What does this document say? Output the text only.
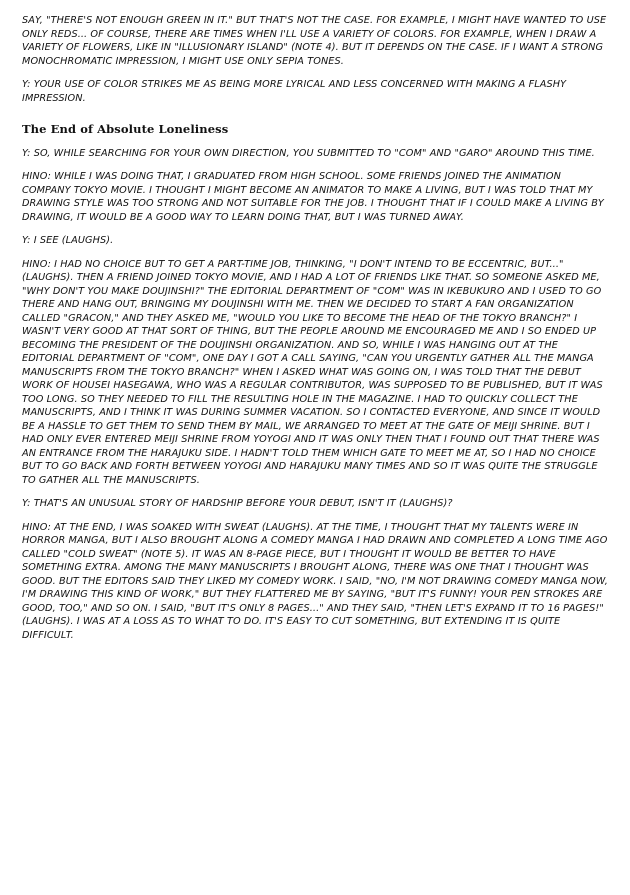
SAY, "THERE'S NOT ENOUGH GREEN IN IT." BUT THAT'S NOT THE CASE. FOR EXAMPLE, I MIGHT HAVE WANTED TO USE ONLY REDS... OF COURSE, THERE ARE TIMES WHEN I'LL USE A VARIETY OF COLORS. FOR EXAMPLE, WHEN I DRAW A VARIETY OF FLOWERS, LIKE IN "ILLUSIONARY ISLAND" (NOTE 4). BUT IT DEPENDS ON THE CASE. IF I WANT A STRONG MONOCHROMATIC IMPRESSION, I MIGHT USE ONLY SEPIA TONES.

Y: YOUR USE OF COLOR STRIKES ME AS BEING MORE LYRICAL AND LESS CONCERNED WITH MAKING A FLASHY IMPRESSION.

The End of Absolute Loneliness

Y: SO, WHILE SEARCHING FOR YOUR OWN DIRECTION, YOU SUBMITTED TO "COM" AND "GARO" AROUND THIS TIME.

HINO: WHILE I WAS DOING THAT, I GRADUATED FROM HIGH SCHOOL. SOME FRIENDS JOINED THE ANIMATION COMPANY TOKYO MOVIE. I THOUGHT I MIGHT BECOME AN ANIMATOR TO MAKE A LIVING, BUT I WAS TOLD THAT MY DRAWING STYLE WAS TOO STRONG AND NOT SUITABLE FOR THE JOB. I THOUGHT THAT IF I COULD MAKE A LIVING BY DRAWING, IT WOULD BE A GOOD WAY TO LEARN DOING THAT, BUT I WAS TURNED AWAY.

Y: I SEE (LAUGHS).

HINO: I HAD NO CHOICE BUT TO GET A PART-TIME JOB, THINKING, "I DON'T INTEND TO BE ECCENTRIC, BUT..." (LAUGHS). THEN A FRIEND JOINED TOKYO MOVIE, AND I HAD A LOT OF FRIENDS LIKE THAT. SO SOMEONE ASKED ME, "WHY DON'T YOU MAKE DOUJINSHI?" THE EDITORIAL DEPARTMENT OF "COM" WAS IN IKEBUKURO AND I USED TO GO THERE AND HANG OUT, BRINGING MY DOUJINSHI WITH ME. THEN WE DECIDED TO START A FAN ORGANIZATION CALLED "GRACON," AND THEY ASKED ME, "WOULD YOU LIKE TO BECOME THE HEAD OF THE TOKYO BRANCH?" I WASN'T VERY GOOD AT THAT SORT OF THING, BUT THE PEOPLE AROUND ME ENCOURAGED ME AND I SO ENDED UP BECOMING THE PRESIDENT OF THE DOUJINSHI ORGANIZATION. AND SO, WHILE I WAS HANGING OUT AT THE EDITORIAL DEPARTMENT OF "COM", ONE DAY I GOT A CALL SAYING, "CAN YOU URGENTLY GATHER ALL THE MANGA MANUSCRIPTS FROM THE TOKYO BRANCH?" WHEN I ASKED WHAT WAS GOING ON, I WAS TOLD THAT THE DEBUT WORK OF HOUSEI HASEGAWA, WHO WAS A REGULAR CONTRIBUTOR, WAS SUPPOSED TO BE PUBLISHED, BUT IT WAS TOO LONG. SO THEY NEEDED TO FILL THE RESULTING HOLE IN THE MAGAZINE. I HAD TO QUICKLY COLLECT THE MANUSCRIPTS, AND I THINK IT WAS DURING SUMMER VACATION. SO I CONTACTED EVERYONE, AND SINCE IT WOULD BE A HASSLE TO GET THEM TO SEND THEM BY MAIL, WE ARRANGED TO MEET AT THE GATE OF MEIJI SHRINE. BUT I HAD ONLY EVER ENTERED MEIJI SHRINE FROM YOYOGI AND IT WAS ONLY THEN THAT I FOUND OUT THAT THERE WAS AN ENTRANCE FROM THE HARAJUKU SIDE. I HADN'T TOLD THEM WHICH GATE TO MEET ME AT, SO I HAD NO CHOICE BUT TO GO BACK AND FORTH BETWEEN YOYOGI AND HARAJUKU MANY TIMES AND SO IT WAS QUITE THE STRUGGLE TO GATHER ALL THE MANUSCRIPTS.

Y: THAT'S AN UNUSUAL STORY OF HARDSHIP BEFORE YOUR DEBUT, ISN'T IT (LAUGHS)?

HINO: AT THE END, I WAS SOAKED WITH SWEAT (LAUGHS). AT THE TIME, I THOUGHT THAT MY TALENTS WERE IN HORROR MANGA, BUT I ALSO BROUGHT ALONG A COMEDY MANGA I HAD DRAWN AND COMPLETED A LONG TIME AGO CALLED "COLD SWEAT" (NOTE 5). IT WAS AN 8-PAGE PIECE, BUT I THOUGHT IT WOULD BE BETTER TO HAVE SOMETHING EXTRA. AMONG THE MANY MANUSCRIPTS I BROUGHT ALONG, THERE WAS ONE THAT I THOUGHT WAS GOOD. BUT THE EDITORS SAID THEY LIKED MY COMEDY WORK. I SAID, "NO, I'M NOT DRAWING COMEDY MANGA NOW, I'M DRAWING THIS KIND OF WORK," BUT THEY FLATTERED ME BY SAYING, "BUT IT'S FUNNY! YOUR PEN STROKES ARE GOOD, TOO," AND SO ON. I SAID, "BUT IT'S ONLY 8 PAGES..." AND THEY SAID, "THEN LET'S EXPAND IT TO 16 PAGES!" (LAUGHS). I WAS AT A LOSS AS TO WHAT TO DO. IT'S EASY TO CUT SOMETHING, BUT EXTENDING IT IS QUITE DIFFICULT.
